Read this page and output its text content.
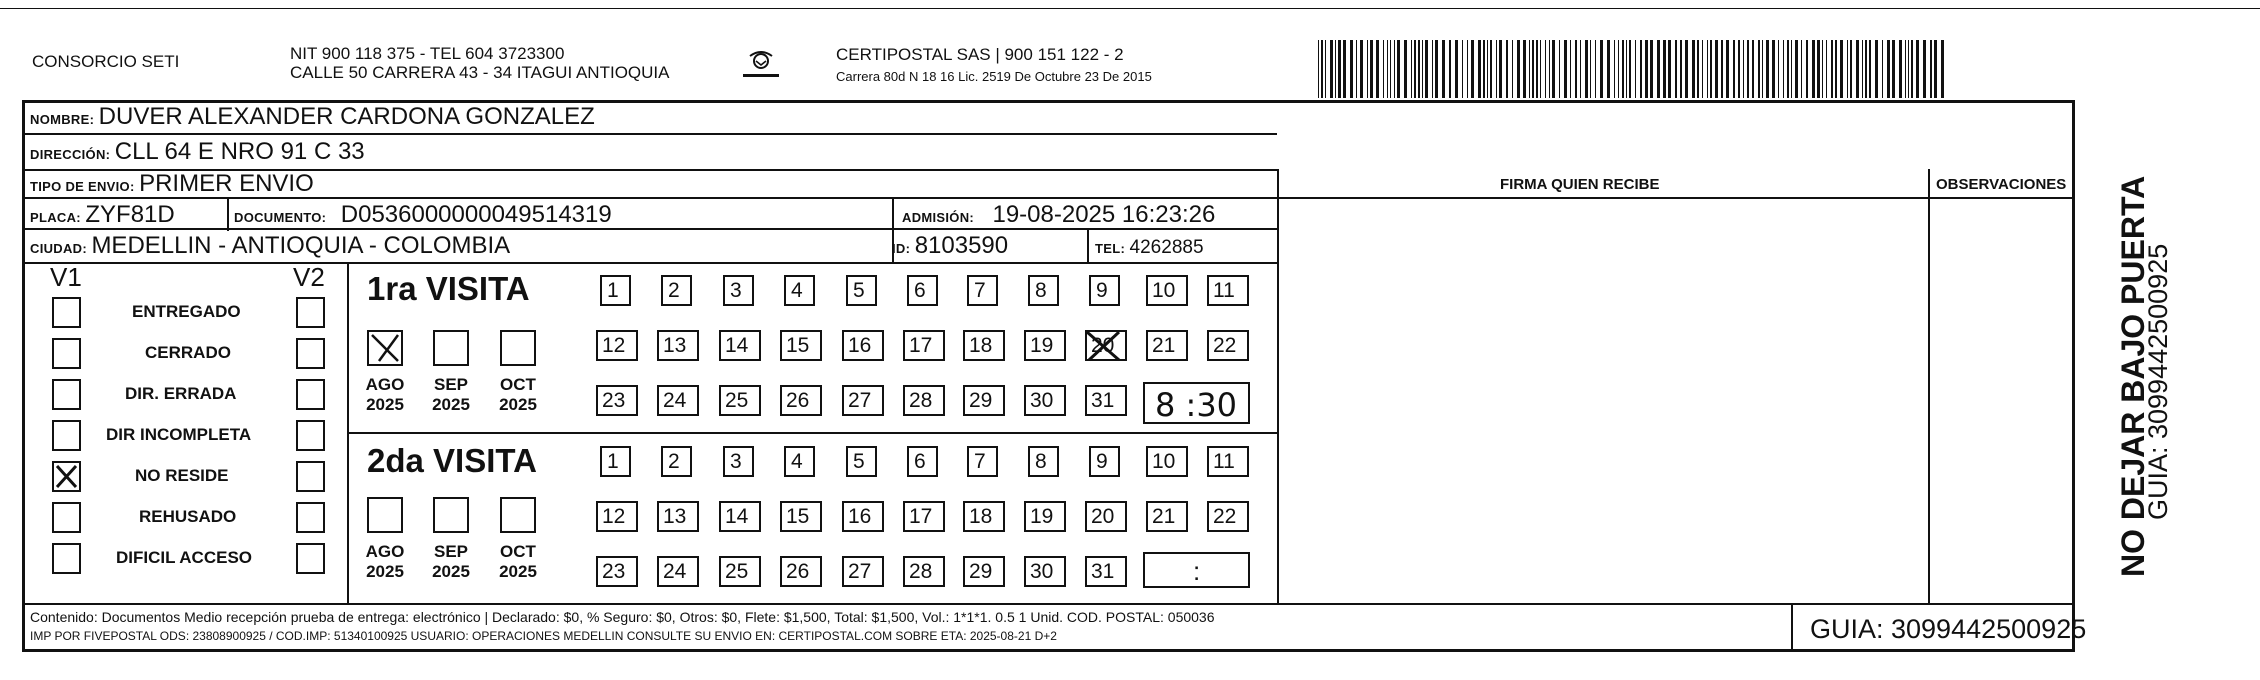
CONSORCIO SETI	NIT 900 118 375 - TEL 604 3723300
CALLE 50 CARRERA 43 - 34 ITAGUI ANTIOQUIA
CERTIPOSTAL SAS | 900 151 122 - 2
Carrera 80d N 18 16 Lic. 2519 De Octubre 23 De 2015
NOMBRE: DUVER ALEXANDER CARDONA GONZALEZ
DIRECCIÓN: CLL 64 E NRO 91 C 33
TIPO DE ENVIO: PRIMER ENVIO	FIRMA QUIEN RECIBE	OBSERVACIONES
PLACA: ZYF81D	DOCUMENTO: D0536000000049514319	ADMISIÓN: 19-08-2025 16:23:26
CIUDAD: MEDELLIN - ANTIOQUIA - COLOMBIA	ID: 8103590	TEL: 4262885
V1	V2
ENTREGADO
CERRADO
DIR. ERRADA
DIR INCOMPLETA
NO RESIDE
REHUSADO
DIFICIL ACCESO
1ra VISITA
2da VISITA
AGO
2025
SEP
2025
OCT
2025
AGO
2025
SEP
2025
OCT
2025
1	2	3	4	5	6	7	8	9	10	11
12	13	14	15	16	17	18	19	20	21	22
23	24	25	26	27	28	29	30	31
1	2	3	4	5	6	7	8	9	10	11
12	13	14	15	16	17	18	19	20	21	22
23	24	25	26	27	28	29	30	31
8 :30
:
Contenido: Documentos Medio recepción prueba de entrega: electrónico | Declarado: $0, % Seguro: $0, Otros: $0, Flete: $1,500, Total: $1,500, Vol.: 1*1*1. 0.5 1 Unid. COD. POSTAL: 050036
IMP POR FIVEPOSTAL ODS: 23808900925 / COD.IMP: 51340100925 USUARIO: OPERACIONES MEDELLIN CONSULTE SU ENVIO EN: CERTIPOSTAL.COM SOBRE ETA: 2025-08-21 D+2	GUIA: 3099442500925
NO DEJAR BAJO PUERTA
GUIA: 3099442500925
